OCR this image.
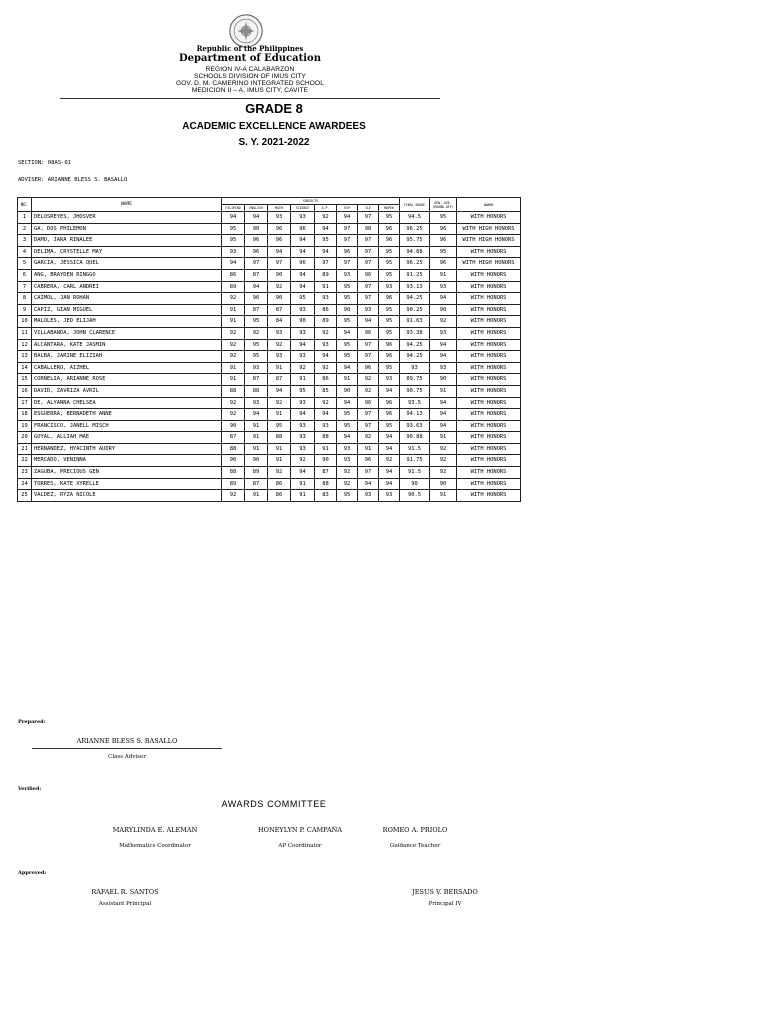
Republic of the Philippines
Department of Education
REGION IV-A CALABARZON
SCHOOLS DIVISION OF IMUS CITY
GOV. D. M. CAMERINO INTEGRATED SCHOOL
MEDICION II – A, IMUS CITY, CAVITE
GRADE 8
ACADEMIC EXCELLENCE AWARDEES
S. Y. 2021-2022
SECTION: 08AS-01
ADVISER: ARIANNE BLESS S. BASALLO
NO.	NAME	SUBJECTS								FINAL GRADE	GEN. AVE. (ROUND-OFF)	AWARD
		FILIPINO	ENGLISH	MATH	SCIENCE	A.P.	ESP	TLE	MAPEH			
1	DELOSREYES, JHOSVER	94	94	93	93	92	94	97	95	94.5	95	WITH HONORS
2	GA, DOS PHILEMON	95	90	96	96	94	97	98	96	96.25	96	WITH HIGH HONORS
3	DAMO, JARA RINALEE	95	96	96	94	95	97	97	96	95.75	96	WITH HIGH HONORS
4	DELIMA, CRYSTELLE MAY	93	96	94	94	94	96	97	95	94.88	95	WITH HONORS
5	GARCIA, JESSICA QUEL	94	97	97	96	97	97	97	95	96.25	96	WITH HIGH HONORS
6	ANG, BRAYDEN RINGGO	86	87	90	94	89	93	96	95	91.25	91	WITH HONORS
7	CABRERA, CARL ANDREI	89	94	92	94	91	95	97	93	93.13	93	WITH HONORS
8	CAIMOL, JAN ROHAN	92	96	90	95	93	95	97	96	94.25	94	WITH HONORS
9	CAPIZ, GIAN MIGUEL	91	87	87	93	86	90	93	95	90.25	90	WITH HONORS
10	MALOLES, JED ELIJAH	91	95	84	90	89	95	94	95	91.63	92	WITH HONORS
11	VILLABANDA, JOHN CLARENCE	92	92	93	93	92	94	96	95	93.38	93	WITH HONORS
12	ALCANTARA, KATE JASMIN	92	95	92	94	93	95	97	96	94.25	94	WITH HONORS
13	BALBA, JARINE ELIZIAH	92	95	93	93	94	95	97	96	94.25	94	WITH HONORS
14	CABALLERO, AIZHEL	91	93	91	92	92	94	96	95	93	93	WITH HONORS
15	CORNELIA, ARIANNE ROSE	91	87	87	91	86	91	92	93	89.75	90	WITH HONORS
16	DAVID, ZAVRIZA AVRIL	88	88	94	95	85	90	92	94	90.75	91	WITH HONORS
17	DE, ALYANNA CHELSEA	92	93	92	93	92	94	96	96	93.5	94	WITH HONORS
18	ESGUERRA, BERNADETH ANNE	92	94	91	94	94	95	97	96	94.13	94	WITH HONORS
19	FRANCISCO, JANELL MISCH	90	91	95	93	93	95	97	95	93.63	94	WITH HONORS
20	GOYAL, ALLIAH MAE	87	91	88	93	88	94	92	94	90.88	91	WITH HONORS
21	HERNANDEZ, HYACINTH AUDRY	88	91	91	93	91	93	91	94	91.5	92	WITH HONORS
22	MERCADO, VENINNA	90	90	91	92	90	93	96	92	91.75	92	WITH HONORS
23	ZAGUBA, PRECIOUS GEN	88	89	92	94	87	92	97	94	91.5	92	WITH HONORS
24	TORRES, KATE XYRELLE	89	87	86	91	88	92	94	94	90	90	WITH HONORS
25	VALDEZ, RYZA NICOLE	92	91	86	91	83	95	93	93	90.5	91	WITH HONORS
Prepared:
ARIANNE BLESS S. BASALLO
Class Adviser
Verified:
AWARDS COMMITTEE
MARYLINDA E. ALEMAN
Mathematics Coordinator
HONEYLYN P. CAMPAÑA
AP Coordinator
ROMEO A. PRIOLO
Guidance Teacher
Approved:
RAFAEL R. SANTOS
Assistant Principal
JESUS V. BERSADO
Principal IV
